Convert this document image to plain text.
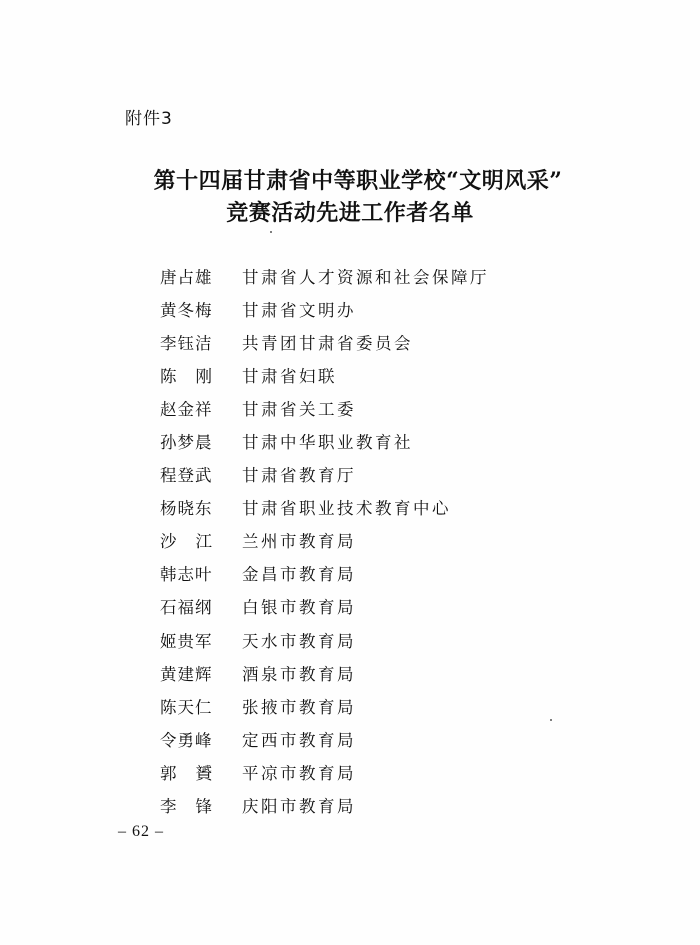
附件3
第十四届甘肃省中等职业学校“文明风采”
竞赛活动先进工作者名单
唐占雄	甘肃省人才资源和社会保障厅
黄冬梅	甘肃省文明办
李钰洁	共青团甘肃省委员会
陈刚 甘肃省妇联
赵金祥	甘肃省关工委
孙梦晨	甘肃中华职业教育社
程登武	甘肃省教育厅
杨晓东	甘肃省职业技术教育中心
沙江 兰州市教育局
韩志叶	金昌市教育局
石福纲	白银市教育局
姬贵军	天水市教育局
黄建辉	酒泉市教育局
陈天仁	张掖市教育局
令勇峰	定西市教育局
郭贇 平凉市教育局
李锋 庆阳市教育局
– 62 –
